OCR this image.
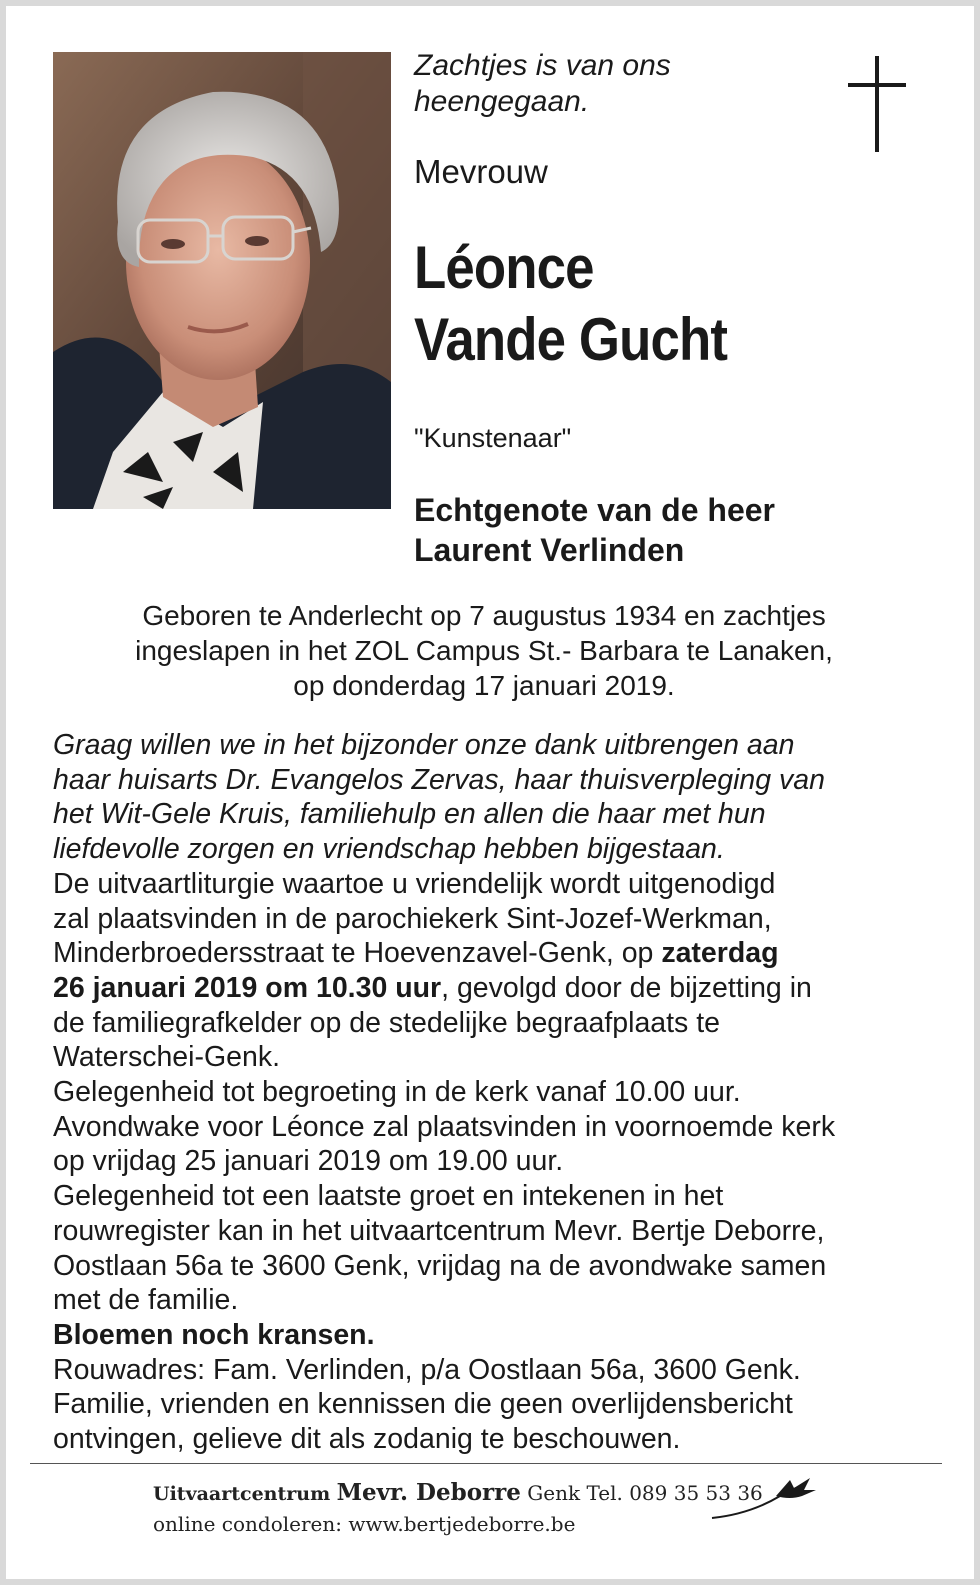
Zachtjes is van ons
heengegaan.
Mevrouw
Léonce
Vande Gucht
"Kunstenaar"
Echtgenote van de heer
Laurent Verlinden
Geboren te Anderlecht op 7 augustus 1934 en zachtjes
ingeslapen in het ZOL Campus St.- Barbara te Lanaken,
op donderdag 17 januari 2019.

Graag willen we in het bijzonder onze dank uitbrengen aan

haar huisarts Dr. Evangelos Zervas, haar thuisverpleging van

het Wit-Gele Kruis, familiehulp en allen die haar met hun

liefdevolle zorgen en vriendschap hebben bijgestaan.

De uitvaartliturgie waartoe u vriendelijk wordt uitgenodigd

zal plaatsvinden in de parochiekerk Sint-Jozef-Werkman,

Minderbroedersstraat te Hoevenzavel-Genk, op zaterdag

26 januari 2019 om 10.30 uur, gevolgd door de bijzetting in

de familiegrafkelder op de stedelijke begraafplaats te

Waterschei-Genk.

Gelegenheid tot begroeting in de kerk vanaf 10.00 uur.

Avondwake voor Léonce zal plaatsvinden in voornoemde kerk

op vrijdag 25 januari 2019 om 19.00 uur.

Gelegenheid tot een laatste groet en intekenen in het

rouwregister kan in het uitvaartcentrum Mevr. Bertje Deborre,

Oostlaan 56a te 3600 Genk, vrijdag na de avondwake samen

met de familie.

Bloemen noch kransen.

Rouwadres: Fam. Verlinden, p/a Oostlaan 56a, 3600 Genk.

Familie, vrienden en kennissen die geen overlijdensbericht

ontvingen, gelieve dit als zodanig te beschouwen.

Uitvaartcentrum Mevr. Deborre Genk Tel. 089 35 53 36
online condoleren: www.bertjedeborre.be
